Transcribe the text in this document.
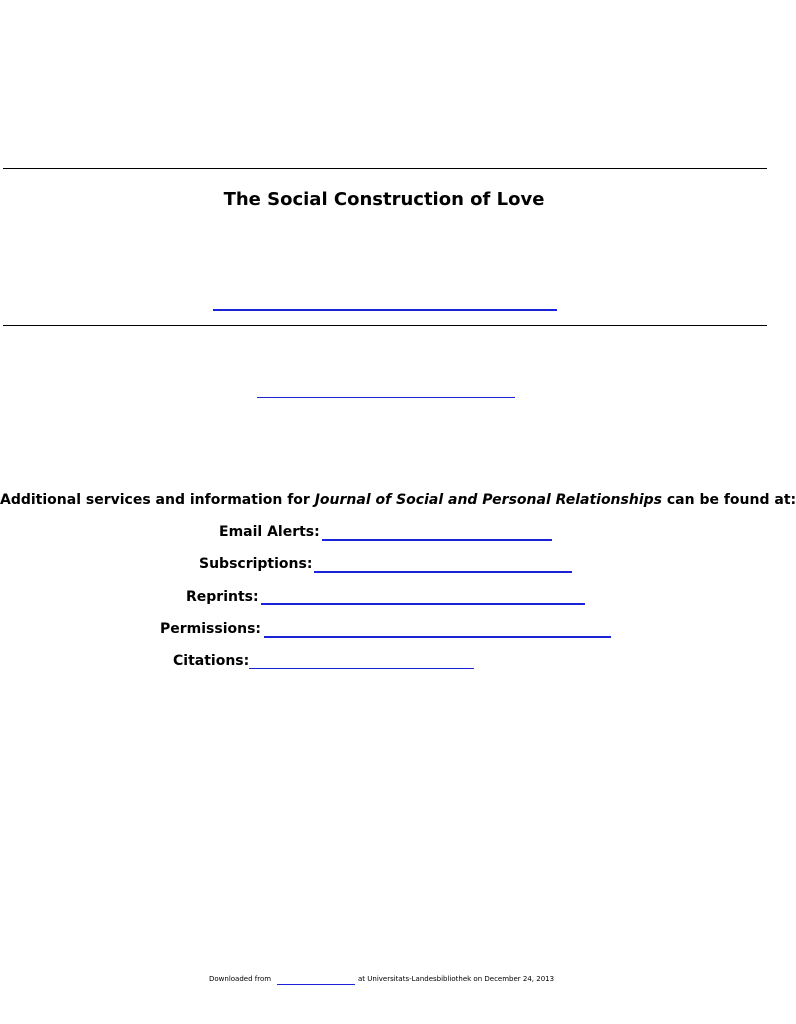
The Social Construction of Love
Additional services and information for Journal of Social and Personal Relationships can be found at:
Email Alerts:
Subscriptions:
Reprints:
Permissions:
Citations:
Downloaded from	at Universitats-Landesbibliothek on December 24, 2013
